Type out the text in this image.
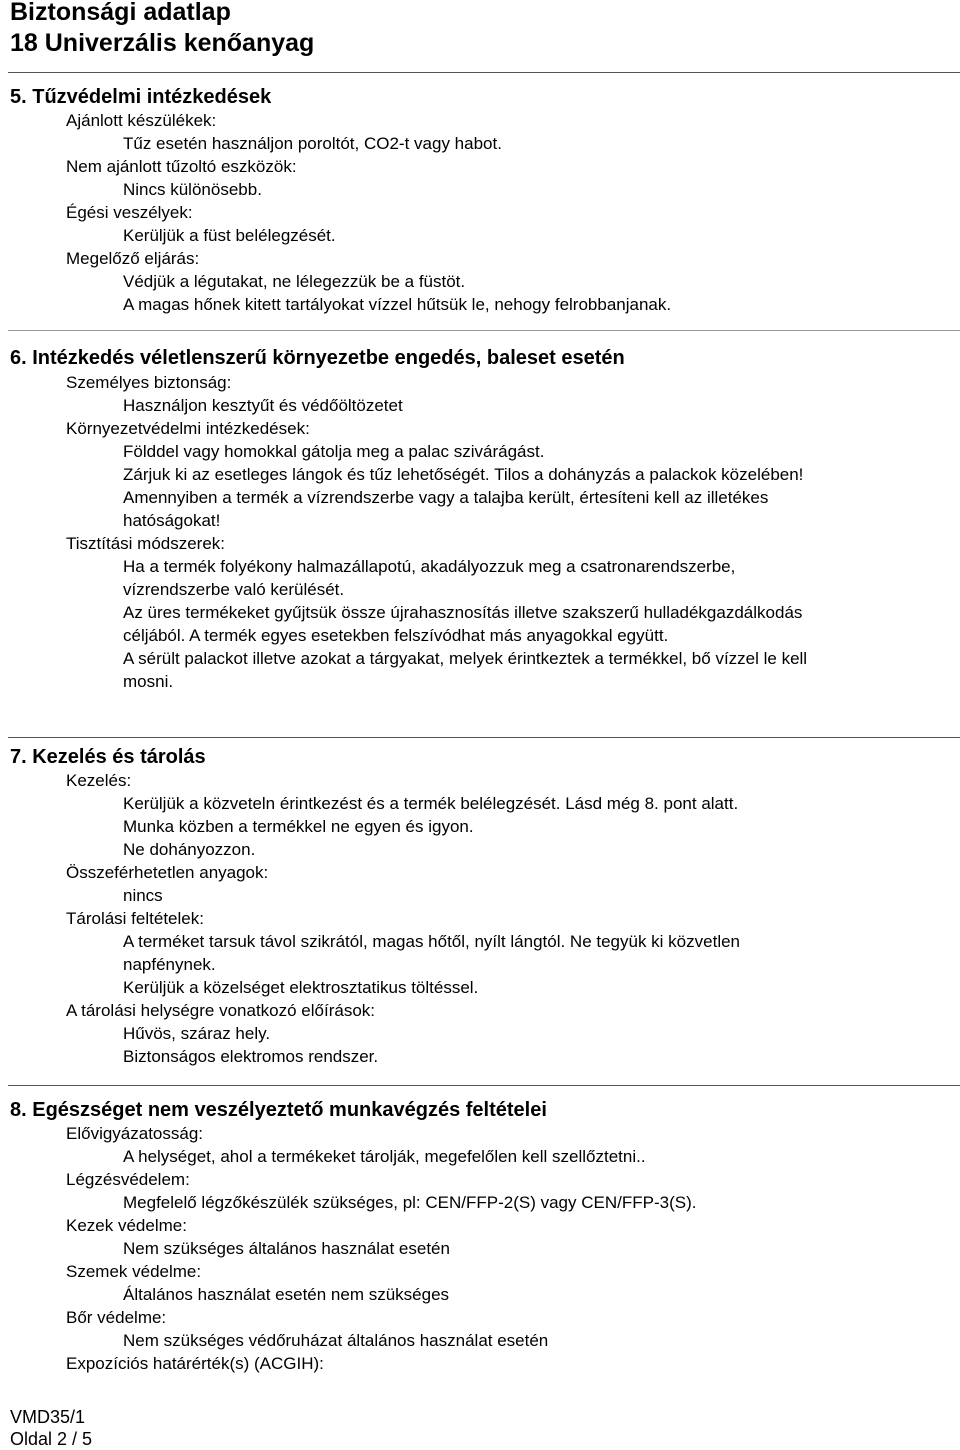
Biztonsági adatlap
18 Univerzális kenőanyag
5. Tűzvédelmi intézkedések

Ajánlott készülékek:

Tűz esetén használjon poroltót, CO2-t vagy habot.

Nem ajánlott tűzoltó eszközök:

Nincs különösebb.

Égési veszélyek:

Kerüljük a füst belélegzését.

Megelőző eljárás:

Védjük a légutakat, ne lélegezzük be a füstöt.

A magas hőnek kitett tartályokat vízzel hűtsük le, nehogy felrobbanjanak.

6. Intézkedés véletlenszerű környezetbe engedés, baleset esetén

Személyes biztonság:

Használjon kesztyűt és védőöltözetet

Környezetvédelmi intézkedések:

Földdel vagy homokkal gátolja meg a palac szivárágást.

Zárjuk ki az esetleges lángok és tűz lehetőségét. Tilos a dohányzás a palackok közelében!

Amennyiben a termék a vízrendszerbe vagy a talajba került, értesíteni kell az illetékes

hatóságokat!

Tisztítási módszerek:

Ha a termék folyékony halmazállapotú, akadályozzuk meg a csatronarendszerbe,

vízrendszerbe való kerülését.

Az üres termékeket gyűjtsük össze újrahasznosítás illetve szakszerű hulladékgazdálkodás

céljából. A termék egyes esetekben felszívódhat más anyagokkal együtt.

A sérült palackot illetve azokat a tárgyakat, melyek érintkeztek a termékkel, bő vízzel le kell

mosni.

7. Kezelés és tárolás

Kezelés:

Kerüljük a közveteln érintkezést és a termék belélegzését. Lásd még 8. pont alatt.

Munka közben a termékkel ne egyen és igyon.

Ne dohányozzon.

Összeférhetetlen anyagok:

nincs

Tárolási feltételek:

A terméket tarsuk távol szikrától, magas hőtől, nyílt lángtól. Ne tegyük ki közvetlen

napfénynek.

Kerüljük a közelséget elektrosztatikus töltéssel.

A tárolási helységre vonatkozó előírások:

Hűvös, száraz hely.

Biztonságos elektromos rendszer.

8. Egészséget nem veszélyeztető munkavégzés feltételei

Elővigyázatosság:

A helységet, ahol a termékeket tárolják, megefelőlen kell szellőztetni..

Légzésvédelem:

Megfelelő légzőkészülék szükséges, pl: CEN/FFP-2(S) vagy CEN/FFP-3(S).

Kezek védelme:

Nem szükséges általános használat esetén

Szemek védelme:

Általános használat esetén nem szükséges

Bőr védelme:

Nem szükséges védőruházat általános használat esetén

Expozíciós határérték(s) (ACGIH):

VMD35/1

Oldal 2 / 5
